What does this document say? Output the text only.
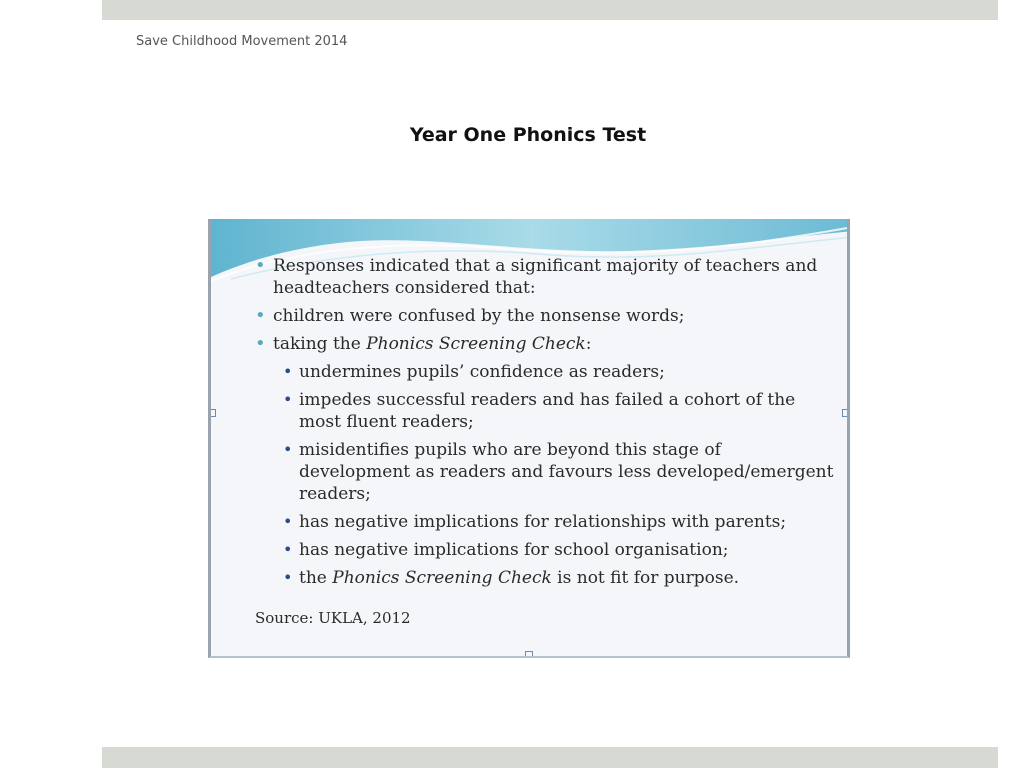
Save Childhood Movement 2014
Year One Phonics Test

• Responses indicated that a significant majority of teachers and headteachers considered that:

• children were confused by the nonsense words;

• taking the Phonics Screening Check:

• undermines pupils’ confidence as readers;

• impedes successful readers and has failed a cohort of the most fluent readers;

• misidentifies pupils who are beyond this stage of development as readers and favours less developed/emergent readers;

• has negative implications for relationships with parents;

• has negative implications for school organisation;

• the Phonics Screening Check is not fit for purpose.

Source: UKLA, 2012
